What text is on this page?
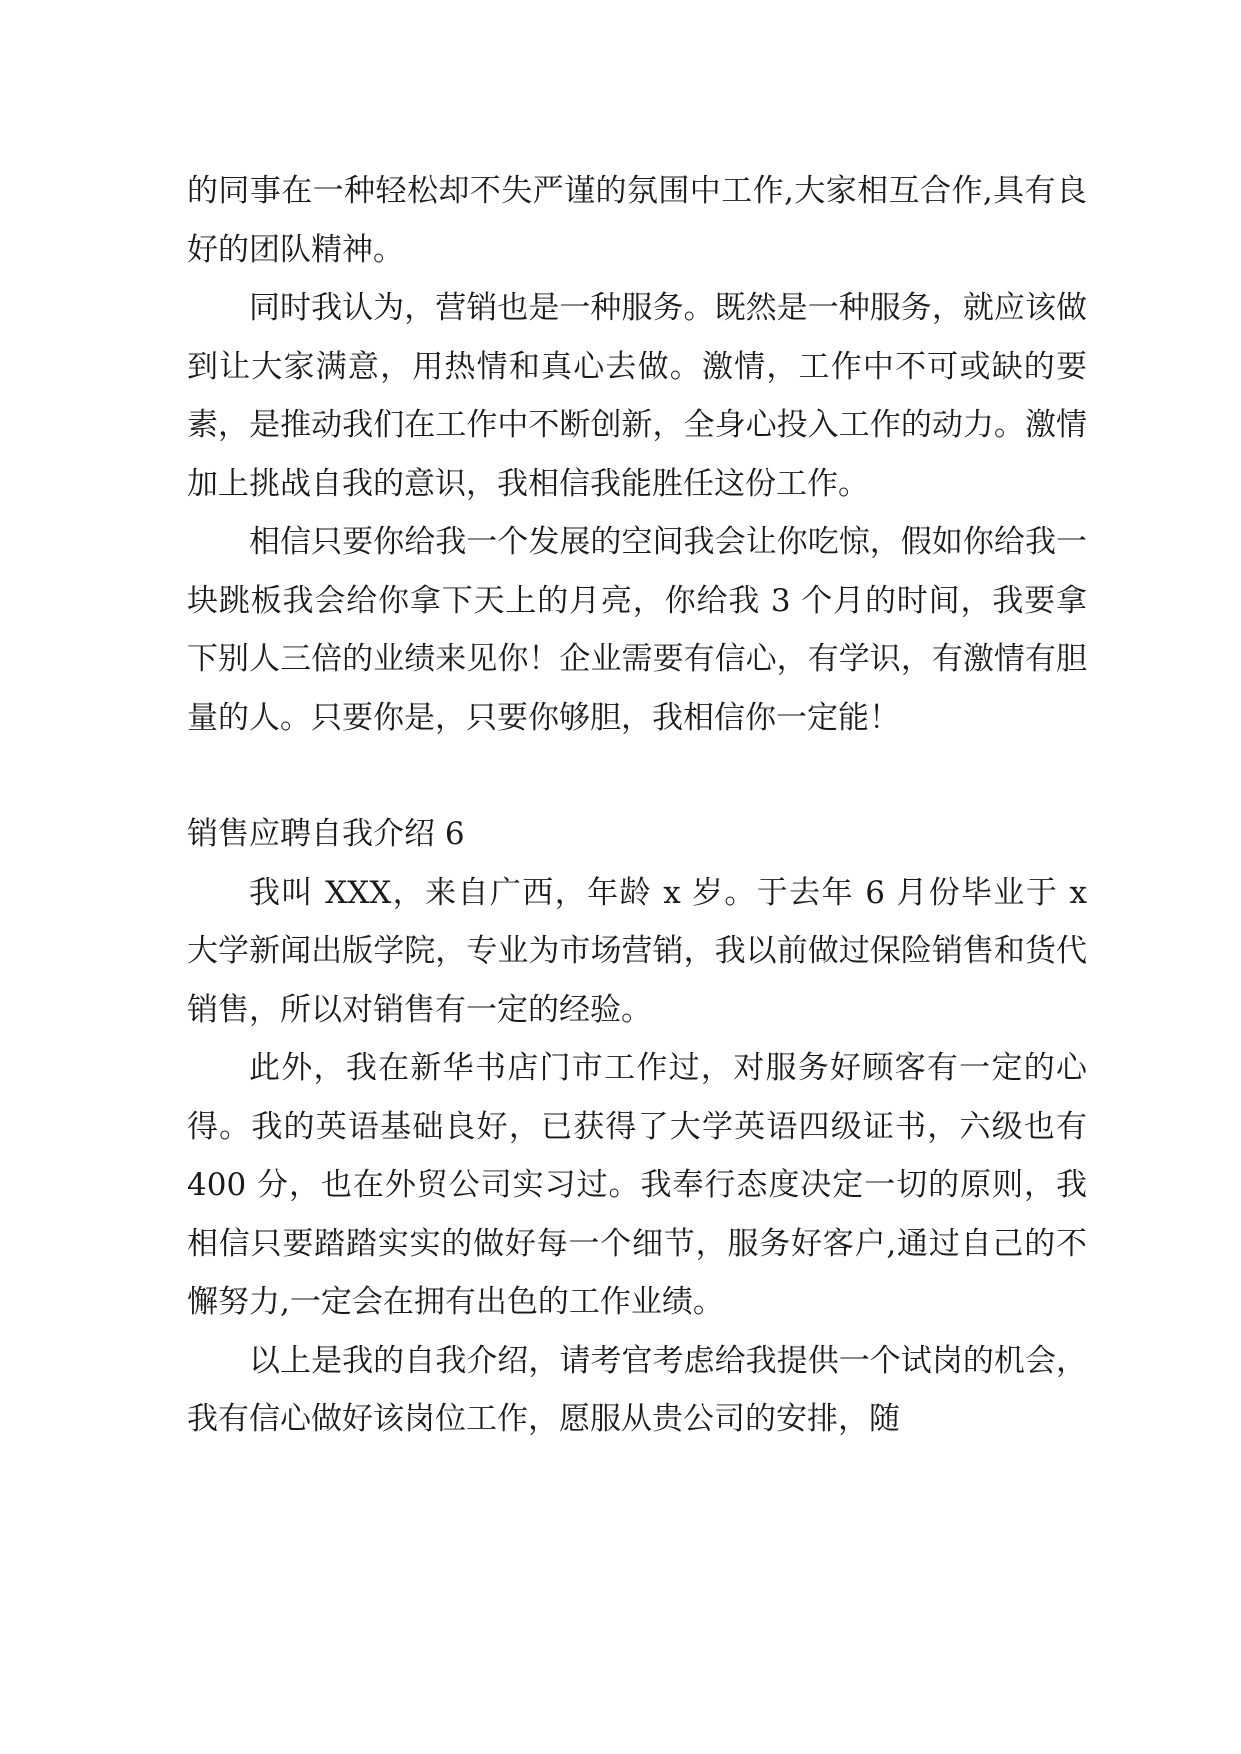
的同事在一种轻松却不失严谨的氛围中工作,大家相互合作,具有良好的团队精神。

同时我认为，营销也是一种服务。既然是一种服务，就应该做到让大家满意，用热情和真心去做。激情，工作中不可或缺的要素，是推动我们在工作中不断创新，全身心投入工作的动力。激情加上挑战自我的意识，我相信我能胜任这份工作。

相信只要你给我一个发展的空间我会让你吃惊，假如你给我一块跳板我会给你拿下天上的月亮，你给我 3 个月的时间，我要拿下别人三倍的业绩来见你！企业需要有信心，有学识，有激情有胆量的人。只要你是，只要你够胆，我相信你一定能！

销售应聘自我介绍 6

我叫 XXX，来自广西，年龄 x 岁。于去年 6 月份毕业于 x 大学新闻出版学院，专业为市场营销，我以前做过保险销售和货代销售，所以对销售有一定的经验。

此外，我在新华书店门市工作过，对服务好顾客有一定的心得。我的英语基础良好，已获得了大学英语四级证书，六级也有 400 分，也在外贸公司实习过。我奉行态度决定一切的原则，我相信只要踏踏实实的做好每一个细节，服务好客户,通过自己的不懈努力,一定会在拥有出色的工作业绩。

以上是我的自我介绍，请考官考虑给我提供一个试岗的机会，我有信心做好该岗位工作，愿服从贵公司的安排，随
